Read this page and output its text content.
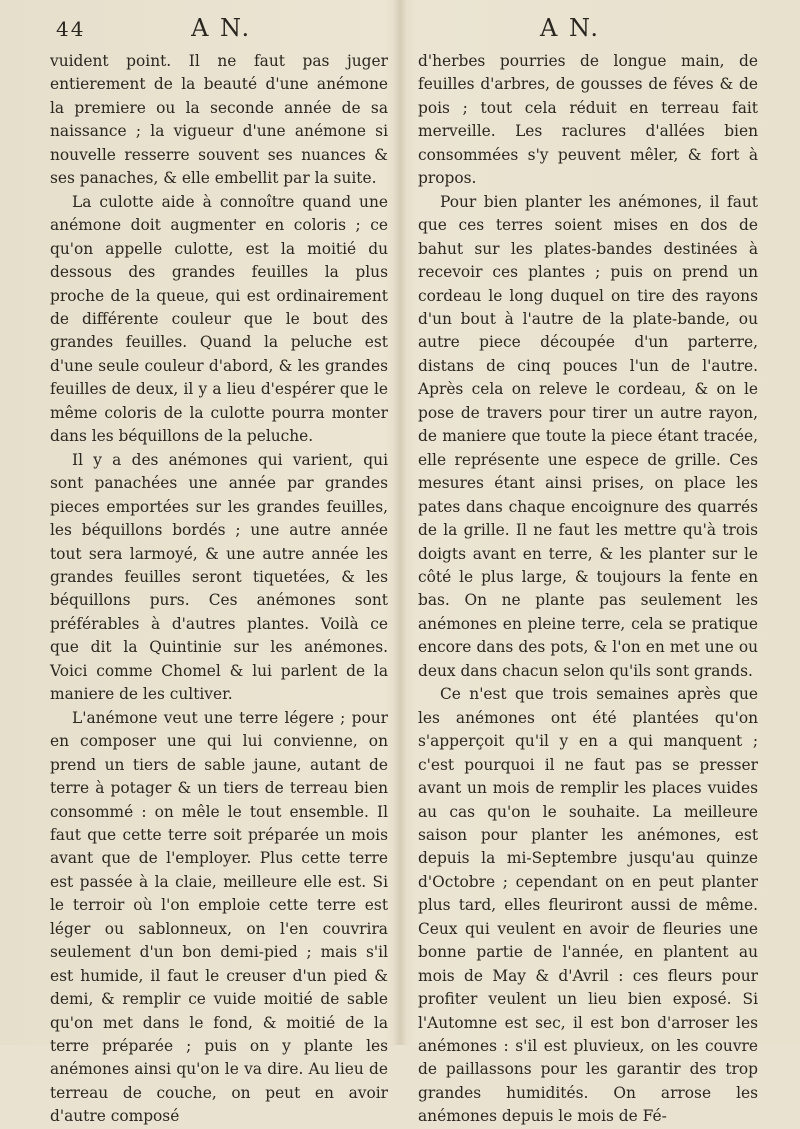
44	A N.	A N.

vuident point. Il ne faut pas juger entierement de la beauté d'une anémone la premiere ou la seconde année de sa naissance ; la vigueur d'une anémone si nouvelle resserre souvent ses nuances & ses panaches, & elle embellit par la suite.

La culotte aide à connoître quand une anémone doit augmenter en coloris ; ce qu'on appelle culotte, est la moitié du dessous des grandes feuilles la plus proche de la queue, qui est ordinairement de différente couleur que le bout des grandes feuilles. Quand la peluche est d'une seule couleur d'abord, & les grandes feuilles de deux, il y a lieu d'espérer que le même coloris de la culotte pourra monter dans les béquillons de la peluche.

Il y a des anémones qui varient, qui sont panachées une année par grandes pieces emportées sur les grandes feuilles, les béquillons bordés ; une autre année tout sera larmoyé, & une autre année les grandes feuilles seront tiquetées, & les béquillons purs. Ces anémones sont préférables à d'autres plantes. Voilà ce que dit la Quintinie sur les anémones. Voici comme Chomel & lui parlent de la maniere de les cultiver.

L'anémone veut une terre légere ; pour en composer une qui lui convienne, on prend un tiers de sable jaune, autant de terre à potager & un tiers de terreau bien consommé : on mêle le tout ensemble. Il faut que cette terre soit préparée un mois avant que de l'employer. Plus cette terre est passée à la claie, meilleure elle est. Si le terroir où l'on emploie cette terre est léger ou sablonneux, on l'en couvrira seulement d'un bon demi-pied ; mais s'il est humide, il faut le creuser d'un pied & demi, & remplir ce vuide moitié de sable qu'on met dans le fond, & moitié de la terre préparée ; puis on y plante les anémones ainsi qu'on le va dire. Au lieu de terreau de couche, on peut en avoir d'autre composé

d'herbes pourries de longue main, de feuilles d'arbres, de gousses de féves & de pois ; tout cela réduit en terreau fait merveille. Les raclures d'allées bien consommées s'y peuvent mêler, & fort à propos.

Pour bien planter les anémones, il faut que ces terres soient mises en dos de bahut sur les plates-bandes destinées à recevoir ces plantes ; puis on prend un cordeau le long duquel on tire des rayons d'un bout à l'autre de la plate-bande, ou autre piece découpée d'un parterre, distans de cinq pouces l'un de l'autre. Après cela on releve le cordeau, & on le pose de travers pour tirer un autre rayon, de maniere que toute la piece étant tracée, elle représente une espece de grille. Ces mesures étant ainsi prises, on place les pates dans chaque encoignure des quarrés de la grille. Il ne faut les mettre qu'à trois doigts avant en terre, & les planter sur le côté le plus large, & toujours la fente en bas. On ne plante pas seulement les anémones en pleine terre, cela se pratique encore dans des pots, & l'on en met une ou deux dans chacun selon qu'ils sont grands.

Ce n'est que trois semaines après que les anémones ont été plantées qu'on s'apperçoit qu'il y en a qui manquent ; c'est pourquoi il ne faut pas se presser avant un mois de remplir les places vuides au cas qu'on le souhaite. La meilleure saison pour planter les anémones, est depuis la mi-Septembre jusqu'au quinze d'Octobre ; cependant on en peut planter plus tard, elles fleuriront aussi de même. Ceux qui veulent en avoir de fleuries une bonne partie de l'année, en plantent au mois de May & d'Avril : ces fleurs pour profiter veulent un lieu bien exposé. Si l'Automne est sec, il est bon d'arroser les anémones : s'il est pluvieux, on les couvre de paillassons pour les garantir des trop grandes humidités. On arrose les anémones depuis le mois de Fé-
